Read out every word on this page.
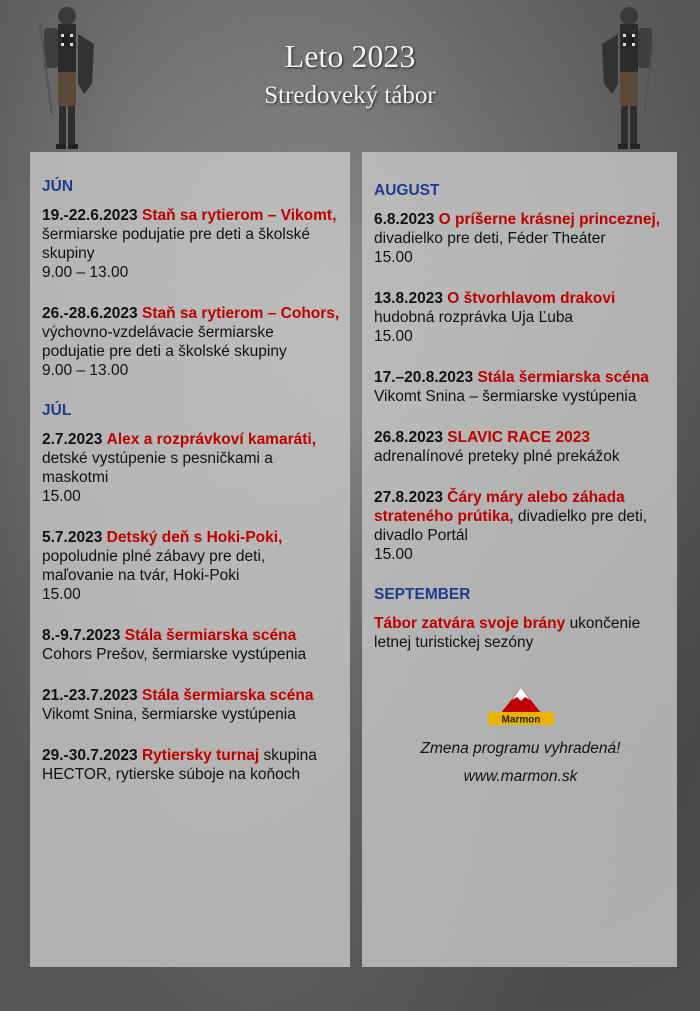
Leto 2023
Stredoveký tábor
JÚN
19.-22.6.2023 Staň sa rytierom – Vikomt, šermiarske podujatie pre deti a školské skupiny
9.00 – 13.00
26.-28.6.2023 Staň sa rytierom – Cohors, výchovno-vzdelávacie šermiarske podujatie pre deti a školské skupiny
9.00 – 13.00
JÚL
2.7.2023 Alex a rozprávkoví kamaráti, detské vystúpenie s pesničkami a maskotmi
15.00
5.7.2023 Detský deň s Hoki-Poki, popoludnie plné zábavy pre deti, maľovanie na tvár, Hoki-Poki
15.00
8.-9.7.2023 Stála šermiarska scéna Cohors Prešov, šermiarske vystúpenia
21.-23.7.2023 Stála šermiarska scéna Vikomt Snina, šermiarske vystúpenia
29.-30.7.2023 Rytiersky turnaj skupina HECTOR, rytierske súboje na koňoch
AUGUST
6.8.2023 O príšerne krásnej princeznej, divadielko pre deti, Féder Theáter
15.00
13.8.2023 O štvorhlavom drakovi hudobná rozprávka Uja Ľuba
15.00
17.–20.8.2023 Stála šermiarska scéna Vikomt Snina – šermiarske vystúpenia
26.8.2023 SLAVIC RACE 2023 adrenalínové preteky plné prekážok
27.8.2023 Čáry máry alebo záhada strateného prútika, divadielko pre deti, divadlo Portál
15.00
SEPTEMBER
Tábor zatvára svoje brány ukončenie letnej turistickej sezóny
Marmon
Zmena programu vyhradená!
www.marmon.sk
